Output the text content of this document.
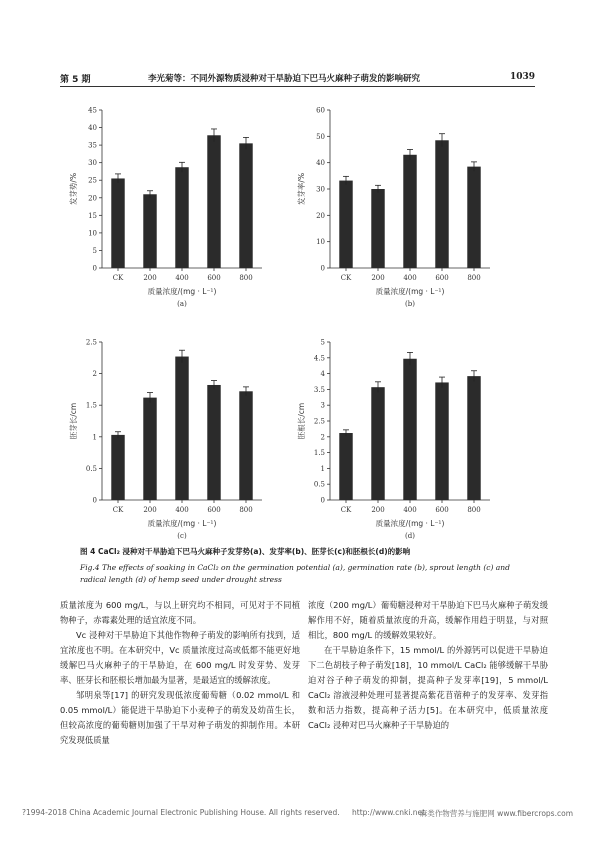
第 5 期	李光菊等：不同外源物质浸种对干旱胁迫下巴马火麻种子萌发的影响研究	1039
0
5
10
15
20
25
30
35
40
45
CK	200	400	600	800
发芽势/%
质量浓度/(mg · L⁻¹)
(a)
0
10
20
30
40
50
60
CK	200	400	600	800
发芽率/%
质量浓度/(mg · L⁻¹)
(b)
0
0.5
1
1.5
2
2.5
CK	200	400	600	800
胚芽长/cm
质量浓度/(mg · L⁻¹)
(c)
0
0.5
1
1.5
2
2.5
3
3.5
4
4.5
5
CK	200	400	600	800
胚根长/cm
质量浓度/(mg · L⁻¹)
(d)
图 4 CaCl₂ 浸种对干旱胁迫下巴马火麻种子发芽势(a)、发芽率(b)、胚芽长(c)和胚根长(d)的影响
Fig.4 The effects of soaking in CaCl₂ on the germination potential (a), germination rate (b), sprout length (c) and radical length (d) of hemp seed under drought stress

质量浓度为 600 mg/L，与以上研究均不相同，可见对于不同植物种子，赤霉素处理的适宜浓度不同。

Vc 浸种对干旱胁迫下其他作物种子萌发的影响所有找到，适宜浓度也不明。在本研究中，Vc 质量浓度过高或低都不能更好地缓解巴马火麻种子的干旱胁迫，在 600 mg/L 时发芽势、发芽率、胚芽长和胚根长增加最为显著，是最适宜的缓解浓度。

邹明泉等[17] 的研究发现低浓度葡萄糖（0.02 mmol/L 和 0.05 mmol/L）能促进干旱胁迫下小麦种子的萌发及幼苗生长，但较高浓度的葡萄糖则加强了干旱对种子萌发的抑制作用。本研究发现低质量

浓度（200 mg/L）葡萄糖浸种对干旱胁迫下巴马火麻种子萌发缓解作用不好，随着质量浓度的升高，缓解作用趋于明显，与对照相比，800 mg/L 的缓解效果较好。

在干旱胁迫条件下，15 mmol/L 的外源钙可以促进干旱胁迫下二色胡枝子种子萌发[18]，10 mmol/L CaCl₂ 能够缓解干旱胁迫对谷子种子萌发的抑制，提高种子发芽率[19]，5 mmol/L CaCl₂ 溶液浸种处理可显著提高紫花苜蓿种子的发芽率、发芽指数和活力指数，提高种子活力[5]。在本研究中，低质量浓度 CaCl₂ 浸种对巴马火麻种子干旱胁迫的

?1994-2018 China Academic Journal Electronic Publishing House. All rights reserved. http://www.cnki.net
麻类作物营养与施肥网 www.fibercrops.com
